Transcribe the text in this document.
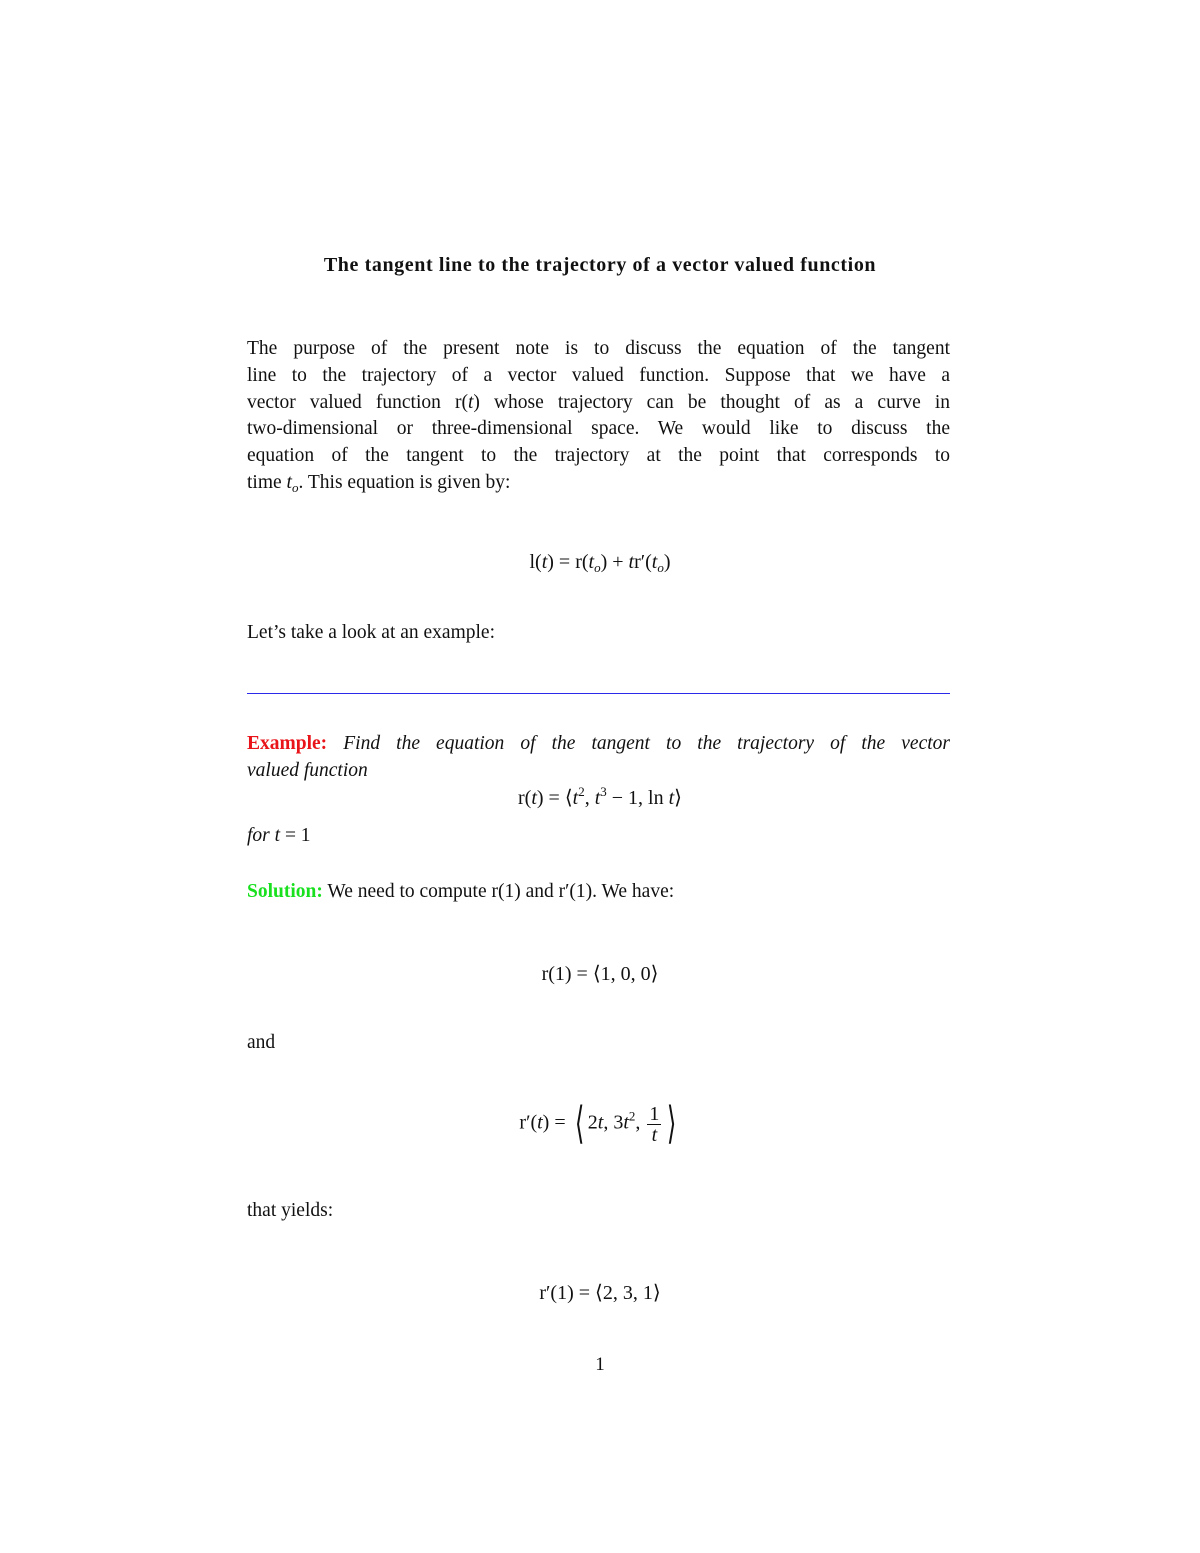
The tangent line to the trajectory of a vector valued function

The purpose of the present note is to discuss the equation of the tangent
line to the trajectory of a vector valued function. Suppose that we have a
vector valued function r(t) whose trajectory can be thought of as a curve in
two-dimensional or three-dimensional space. We would like to discuss the
equation of the tangent to the trajectory at the point that corresponds to
time $t_o$. This equation is given by:

$l(t) = r(t_o) + tr'(t_o)$

Let’s take a look at an example:

Example: Find the equation of the tangent to the trajectory of the vector
valued function

$r(t) = ⟨t^2$, $t^3 - 1$, ln t⟩

for t = 1

Solution: We need to compute r(1) and r′(1). We have:

r(1) = ⟨1, 0, 0⟩

and

r′(t) = ⟨ 2t, $3t^2$, $\frac{1}{t}$ ⟩

that yields:

r′(1) = ⟨2, 3, 1⟩
1
